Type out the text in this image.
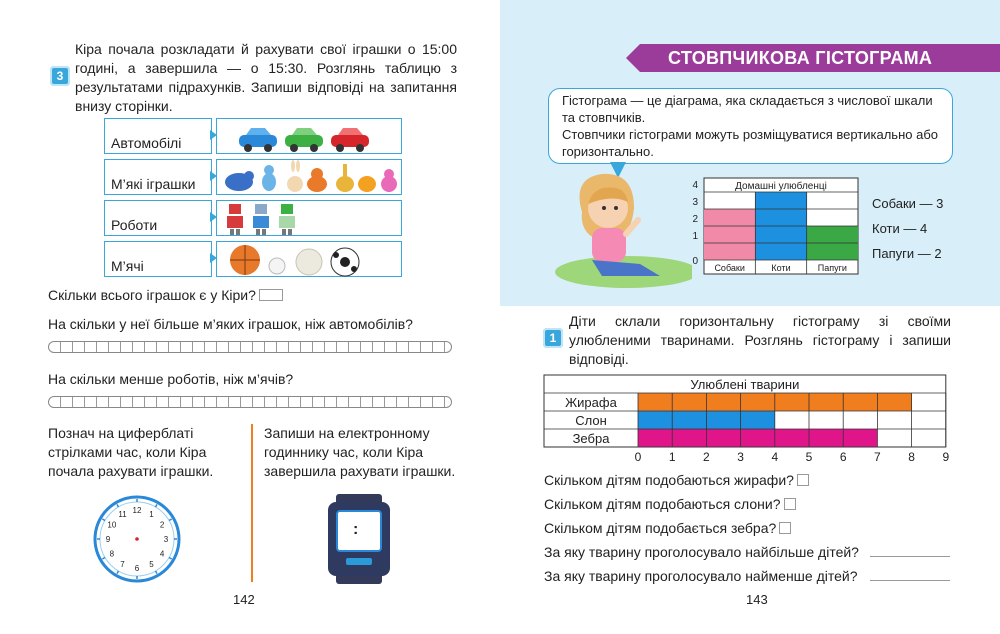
3
Кіра почала розкладати й рахувати свої іграшки о 15:00 годині, а завершила — о 15:30. Розглянь таблицю з результатами підрахунків. Запиши відповіді на запитання внизу сторінки.
Автомобілі
М’які іграшки
Роботи
М’ячі
Скільки всього іграшок є у Кіри?
На скільки у неї більше м’яких іграшок, ніж автомобілів?
На скільки менше роботів, ніж м’ячів?
Познач на циферблаті стрілками час, коли Кіра почала рахувати іграшки.
Запиши на електронному годиннику час, коли Кіра завершила рахувати іграшки.
12 1
2
3
4
5
6
7
8
9
10
11
:
142
СТОВПЧИКОВА ГІСТОГРАМА
Гістограма — це діаграма, яка складається з числової шкали та стовпчиків.
Стовпчики гістограми можуть розміщуватися вертикально або горизонтально.
Домашні улюбленці
0
1
2
3
4
Собаки	Коти	Папуги
Собаки — 3
Коти — 4
Папуги — 2
1
Діти склали горизонтальну гістограму зі своїми улюбленими тваринами. Розглянь гістограму і запиши відповіді.
Улюблені тварини
Жирафа
Слон
Зебра
0 1 2 3 4 5 6 7 8 9
Скільком дітям подобаються жирафи?
Скільком дітям подобаються слони?
Скільком дітям подобається зебра?
За яку тварину проголосувало найбільше дітей?
За яку тварину проголосувало найменше дітей?
143
